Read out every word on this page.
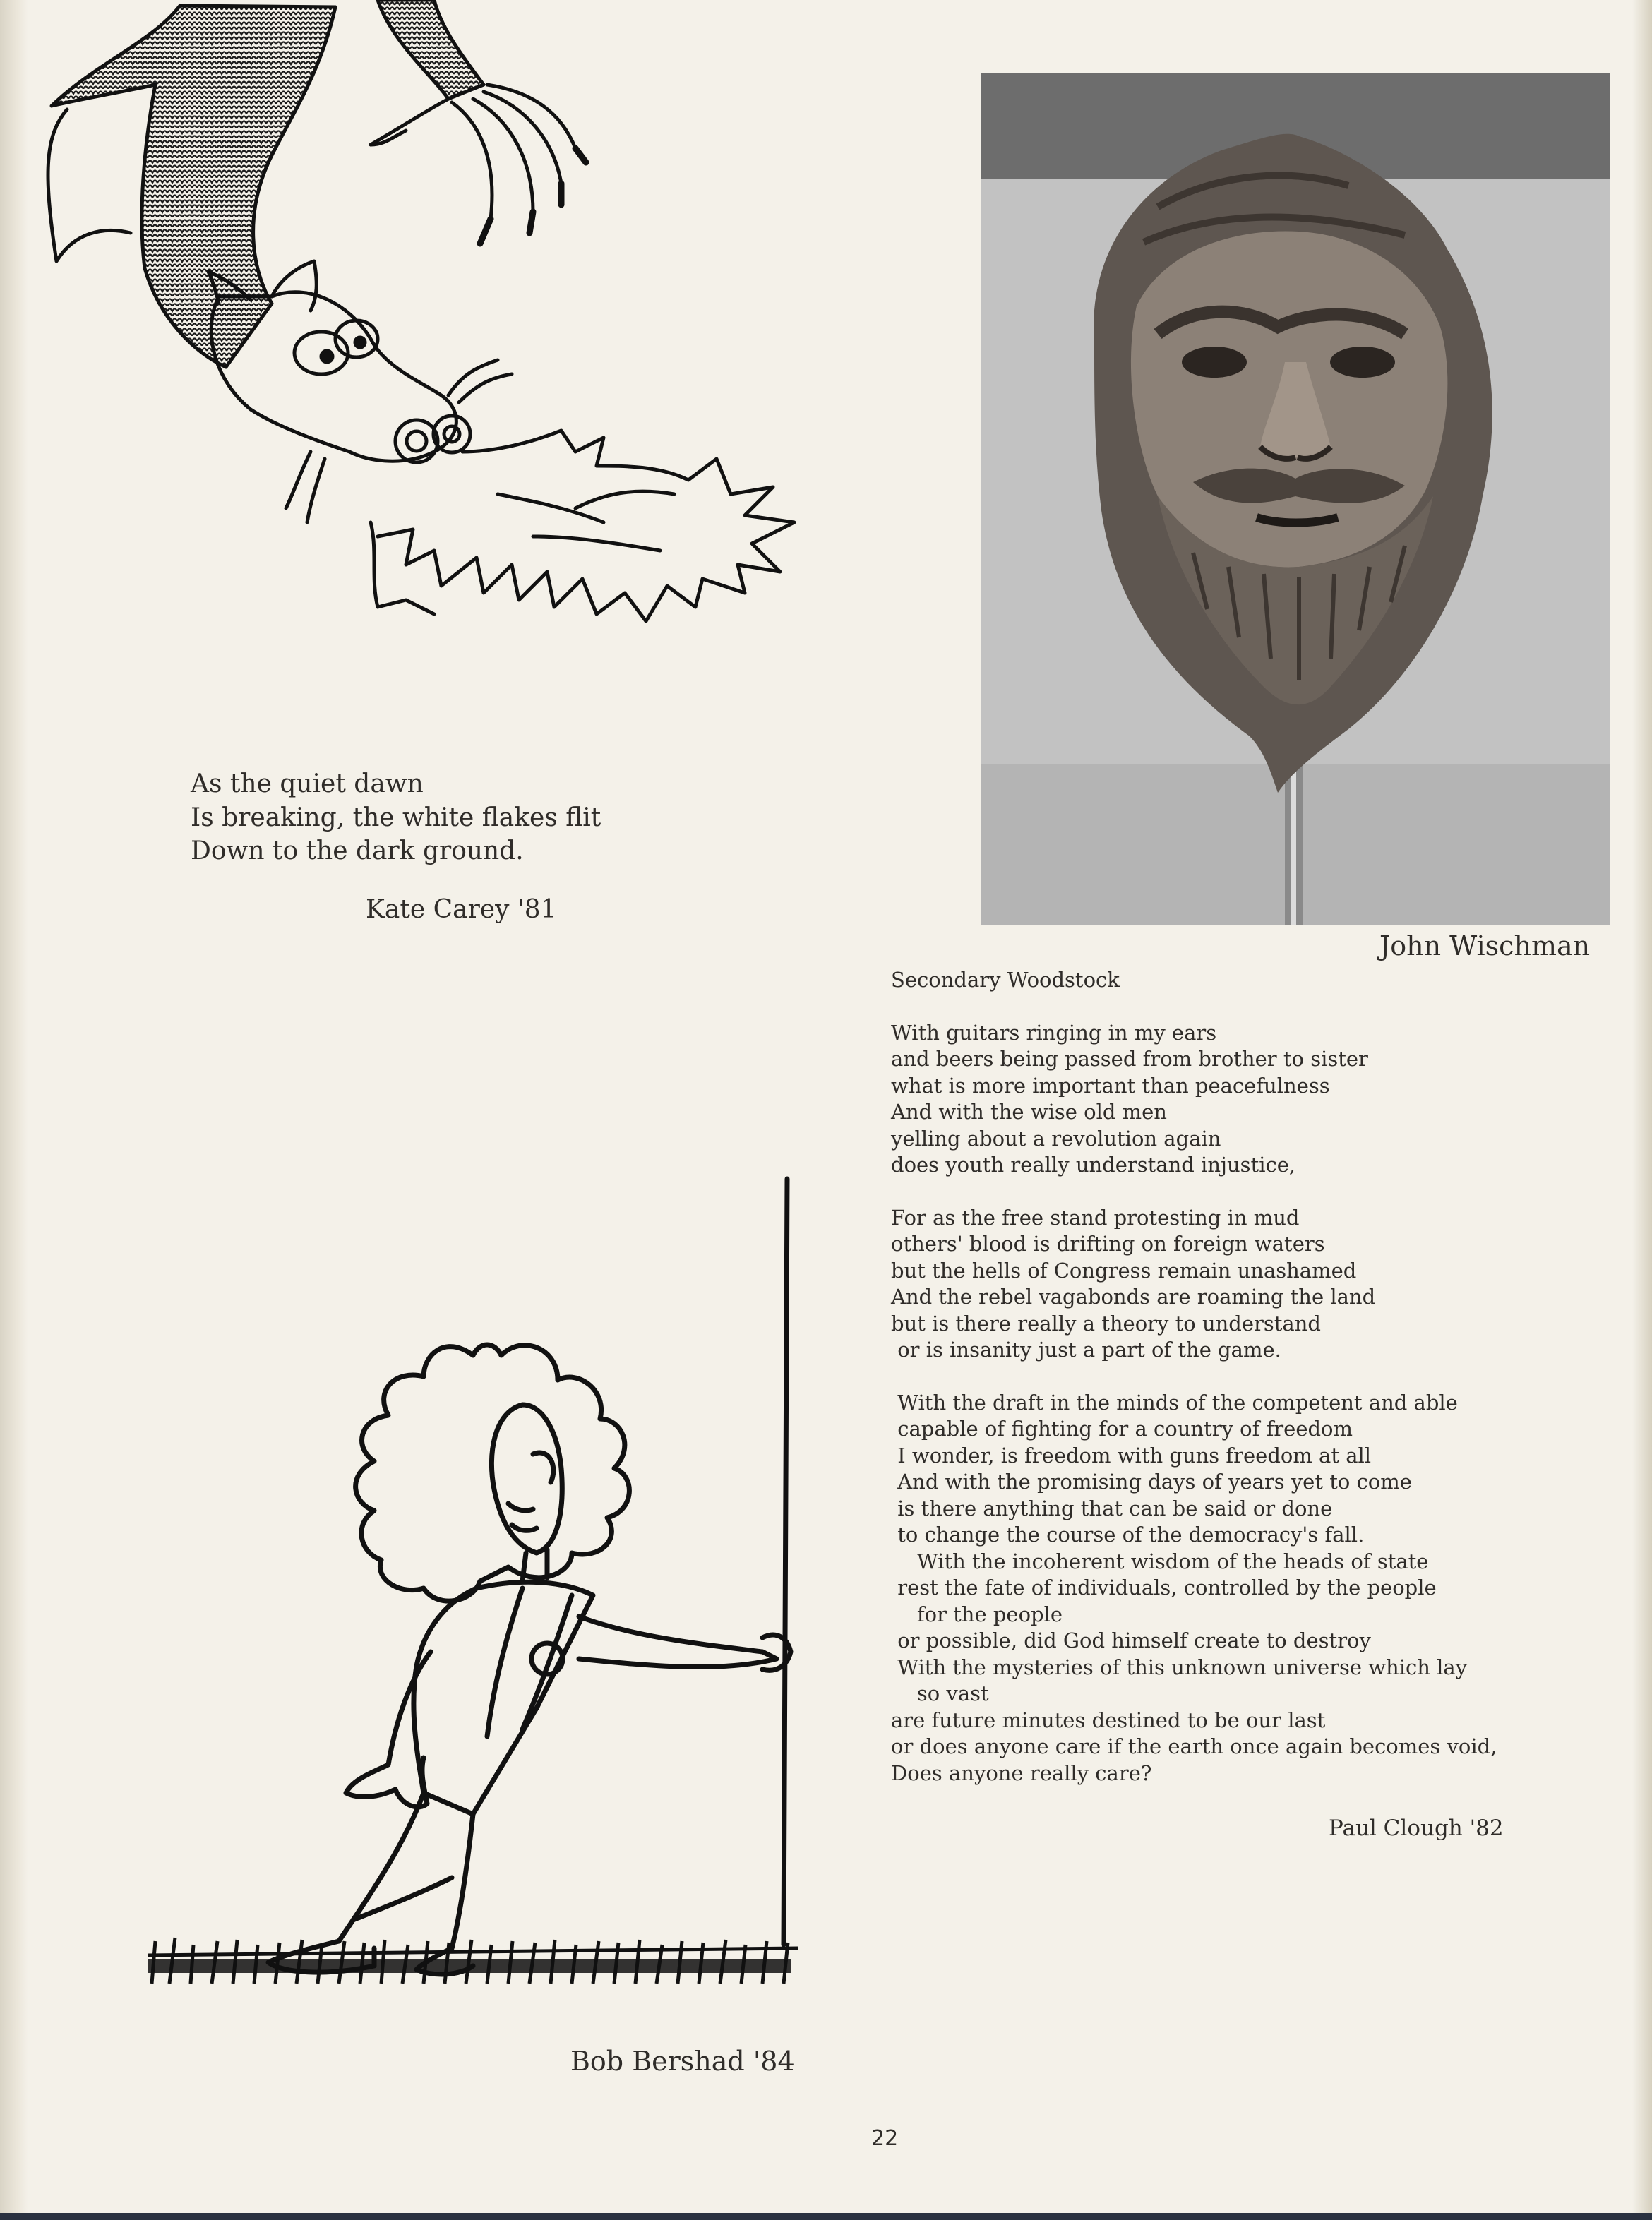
As the quiet dawn
Is breaking, the white flakes flit
Down to the dark ground.
Kate Carey '81
John Wischman
Secondary Woodstock
With guitars ringing in my ears
and beers being passed from brother to sister
what is more important than peacefulness
And with the wise old men
yelling about a revolution again
does youth really understand injustice,
For as the free stand protesting in mud
others' blood is drifting on foreign waters
but the hells of Congress remain unashamed
And the rebel vagabonds are roaming the land
but is there really a theory to understand
or is insanity just a part of the game.
With the draft in the minds of the competent and able
capable of fighting for a country of freedom
I wonder, is freedom with guns freedom at all
And with the promising days of years yet to come
is there anything that can be said or done
to change the course of the democracy's fall.
With the incoherent wisdom of the heads of state
rest the fate of individuals, controlled by the people
for the people
or possible, did God himself create to destroy
With the mysteries of this unknown universe which lay
so vast
are future minutes destined to be our last
or does anyone care if the earth once again becomes void,
Does anyone really care?
Paul Clough '82
Bob Bershad '84
22
